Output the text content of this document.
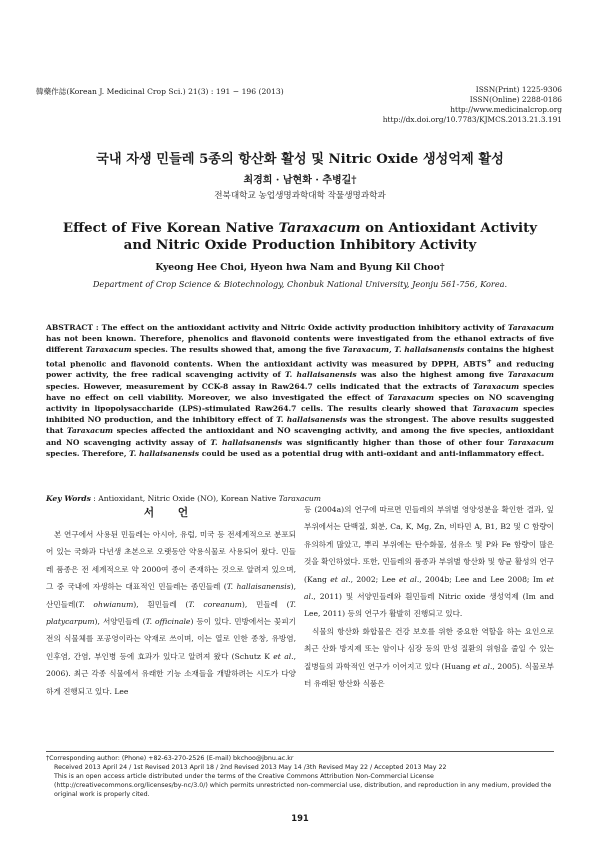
韓藥作誌(Korean J. Medicinal Crop Sci.) 21(3) : 191 − 196 (2013)	ISSN(Print) 1225-9306
ISSN(Online) 2288-0186
http://www.medicinalcrop.org
http://dx.doi.org/10.7783/KJMCS.2013.21.3.191
국내 자생 민들레 5종의 항산화 활성 및 Nitric Oxide 생성억제 활성
최경희 · 남현화 · 추병길†
전북대학교 농업생명과학대학 작물생명과학과
Effect of Five Korean Native Taraxacum on Antioxidant Activity
and Nitric Oxide Production Inhibitory Activity
Kyeong Hee Choi, Hyeon hwa Nam and Byung Kil Choo†
Department of Crop Science & Biotechnology, Chonbuk National University, Jeonju 561-756, Korea.

ABSTRACT : The effect on the antioxidant activity and Nitric Oxide activity production inhibitory activity of Taraxacum has not been known. Therefore, phenolics and flavonoid contents were investigated from the ethanol extracts of five different Taraxacum species. The results showed that, among the five Taraxacum, T. hallaisanensis contains the highest total phenolic and flavonoid contents. When the antioxidant activity was measured by DPPH, ABTS+ and reducing power activity, the free radical scavenging activity of T. hallaisanensis was also the highest among five Taraxacum species. However, measurement by CCK-8 assay in Raw264.7 cells indicated that the extracts of Taraxacum species have no effect on cell viability. Moreover, we also investigated the effect of Taraxacum species on NO scavenging activity in lipopolysaccharide (LPS)-stimulated Raw264.7 cells. The results clearly showed that Taraxacum species inhibited NO production, and the inhibitory effect of T. hallaisanensis was the strongest. The above results suggested that Taraxacum species affected the antioxidant and NO scavenging activity, and among the five species, antioxidant and NO scavenging activity assay of T. hallaisanensis was significantly higher than those of other four Taraxacum species. Therefore, T. hallaisanensis could be used as a potential drug with anti-oxidant and anti-inflammatory effect.

Key Words : Antioxidant, Nitric Oxide (NO), Korean Native Taraxacum
서 언

본 연구에서 사용된 민들레는 아시아, 유럽, 미국 등 전세계적으로 분포되어 있는 국화과 다년생 초본으로 오랫동안 약용식물로 사용되어 왔다. 민들레 품종은 전 세계적으로 약 2000여 종이 존재하는 것으로 알려져 있으며, 그 중 국내에 자생하는 대표적인 민들레는 좀민들레 (T. hallaisanensis), 산민들레(T. ohwianum), 흰민들레 (T. coreanum), 민들레 (T. platycarpum), 서양민들레 (T. officinale) 등이 있다. 민방에서는 꽃피기 전의 식물체를 포공영이라는 약재로 쓰이며, 이는 열로 인한 종창, 유방염, 인후염, 간염, 부인병 등에 효과가 있다고 알려져 왔다 (Schutz K et al., 2006). 최근 각종 식물에서 유래한 기능 소재들을 개발하려는 시도가 다양하게 진행되고 있다. Lee

등 (2004a)의 연구에 따르면 민들레의 부위별 영양성분을 확인한 결과, 잎 부위에서는 단백질, 회분, Ca, K, Mg, Zn, 비타민 A, B1, B2 및 C 함량이 유의하게 많았고, 뿌리 부위에는 탄수화물, 섬유소 및 P와 Fe 함량이 많은 것을 확인하였다. 또한, 민들레의 품종과 부위별 항산화 및 항균 활성의 연구 (Kang et al., 2002; Lee et al., 2004b; Lee and Lee 2008; Im et al., 2011) 및 서양민들레와 흰민들레 Nitric oxide 생성억제 (Im and Lee, 2011) 등의 연구가 활발히 진행되고 있다.

식물의 항산화 화합물은 건강 보호를 위한 중요한 역할을 하는 요인으로 최근 산화 방지제 또는 암이나 심장 등의 만성 질환의 위험을 줄일 수 있는 질병들의 과학적인 연구가 이어지고 있다 (Huang et al., 2005). 식물로부터 유래된 항산화 식품은

†Corresponding author: (Phone) +82-63-270-2526 (E-mail) bkchoo@jbnu.ac.kr

Received 2013 April 24 / 1st Revised 2013 April 18 / 2nd Revised 2013 May 14 /3th Revised May 22 / Accepted 2013 May 22

This is an open access article distributed under the terms of the Creative Commons Attribution Non-Commercial License (http://creativecommons.org/licenses/by-nc/3.0/) which permits unrestricted non-commercial use, distribution, and reproduction in any medium, provided the original work is properly cited.

191
